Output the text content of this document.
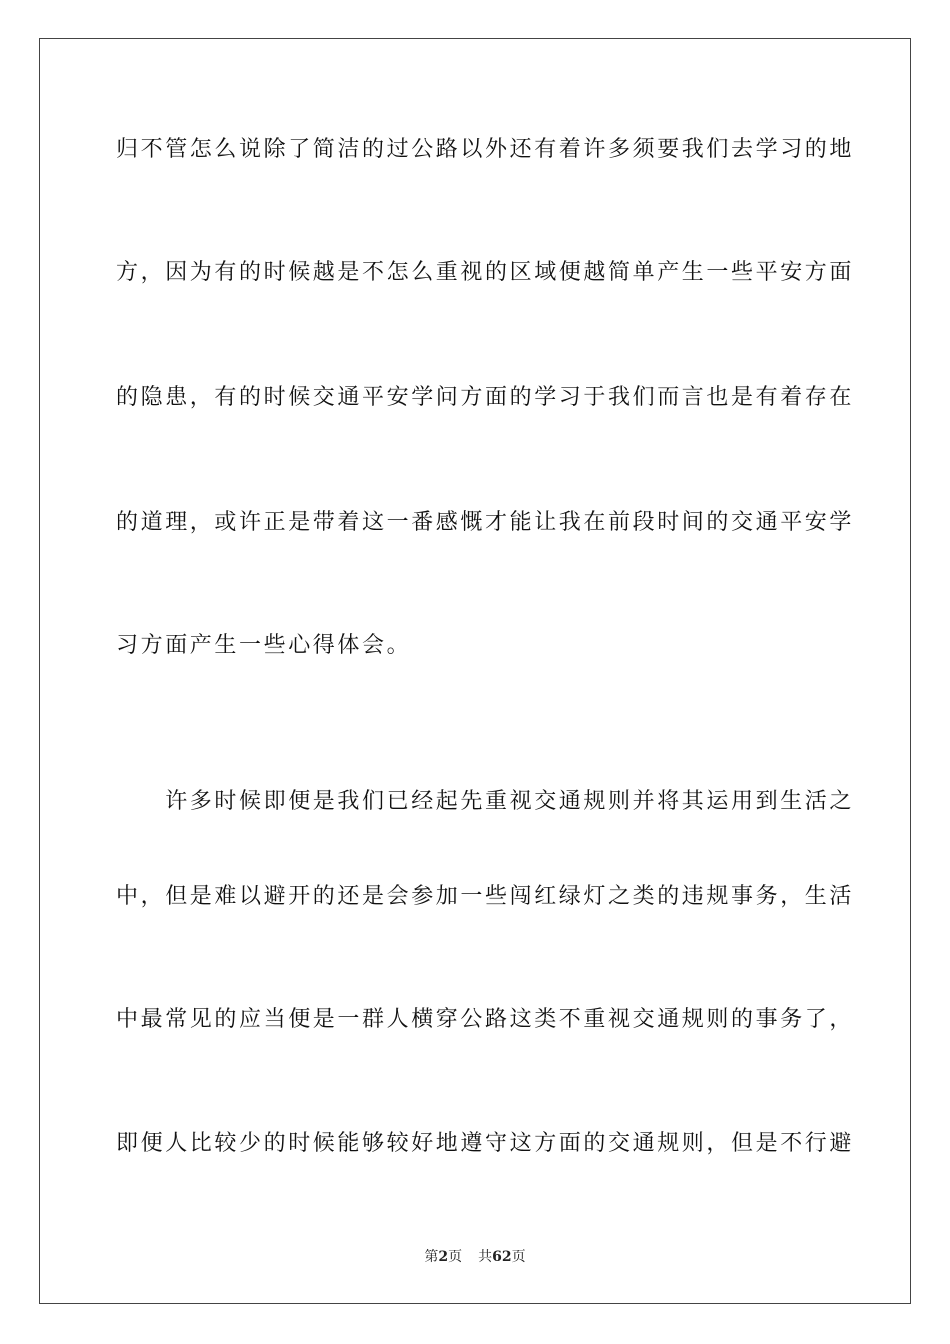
归不管怎么说除了简洁的过公路以外还有着许多须要我们去学习的地
方，因为有的时候越是不怎么重视的区域便越简单产生一些平安方面
的隐患，有的时候交通平安学问方面的学习于我们而言也是有着存在
的道理，或许正是带着这一番感慨才能让我在前段时间的交通平安学
习方面产生一些心得体会。
　　许多时候即便是我们已经起先重视交通规则并将其运用到生活之
中，但是难以避开的还是会参加一些闯红绿灯之类的违规事务，生活
中最常见的应当便是一群人横穿公路这类不重视交通规则的事务了，
即便人比较少的时候能够较好地遵守这方面的交通规则，但是不行避
第2页 共62页
